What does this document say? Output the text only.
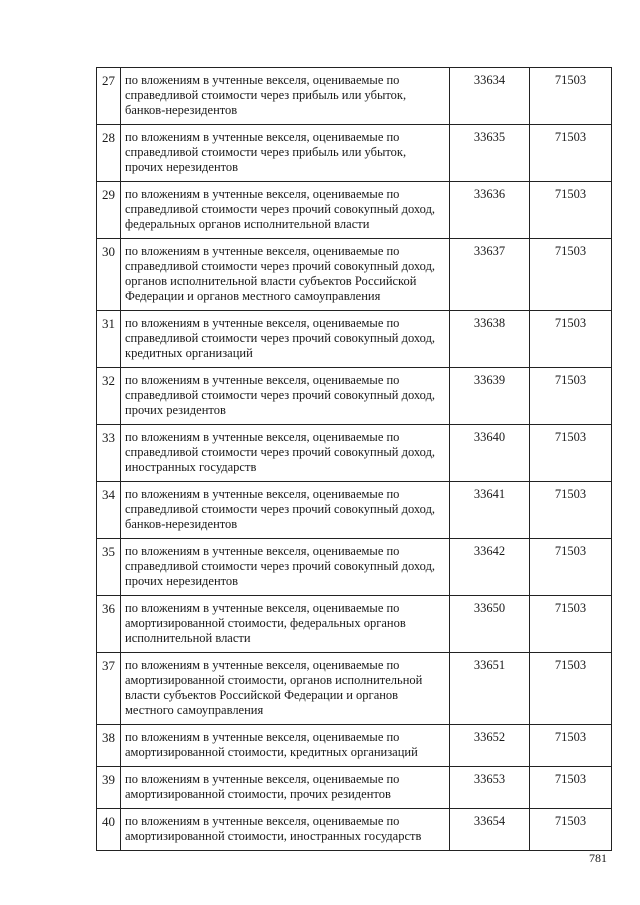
27	по вложениям в учтенные векселя, оцениваемые по справедливой стоимости через прибыль или убыток, банков-нерезидентов	33634	71503
28	по вложениям в учтенные векселя, оцениваемые по справедливой стоимости через прибыль или убыток, прочих нерезидентов	33635	71503
29	по вложениям в учтенные векселя, оцениваемые по справедливой стоимости через прочий совокупный доход, федеральных органов исполнительной власти	33636	71503
30	по вложениям в учтенные векселя, оцениваемые по справедливой стоимости через прочий совокупный доход, органов исполнительной власти субъектов Российской Федерации и органов местного самоуправления	33637	71503
31	по вложениям в учтенные векселя, оцениваемые по справедливой стоимости через прочий совокупный доход, кредитных организаций	33638	71503
32	по вложениям в учтенные векселя, оцениваемые по справедливой стоимости через прочий совокупный доход, прочих резидентов	33639	71503
33	по вложениям в учтенные векселя, оцениваемые по справедливой стоимости через прочий совокупный доход, иностранных государств	33640	71503
34	по вложениям в учтенные векселя, оцениваемые по справедливой стоимости через прочий совокупный доход, банков-нерезидентов	33641	71503
35	по вложениям в учтенные векселя, оцениваемые по справедливой стоимости через прочий совокупный доход, прочих нерезидентов	33642	71503
36	по вложениям в учтенные векселя, оцениваемые по амортизированной стоимости, федеральных органов исполнительной власти	33650	71503
37	по вложениям в учтенные векселя, оцениваемые по амортизированной стоимости, органов исполнительной власти субъектов Российской Федерации и органов местного самоуправления	33651	71503
38	по вложениям в учтенные векселя, оцениваемые по амортизированной стоимости, кредитных организаций	33652	71503
39	по вложениям в учтенные векселя, оцениваемые по амортизированной стоимости, прочих резидентов	33653	71503
40	по вложениям в учтенные векселя, оцениваемые по амортизированной стоимости, иностранных государств	33654	71503
781
